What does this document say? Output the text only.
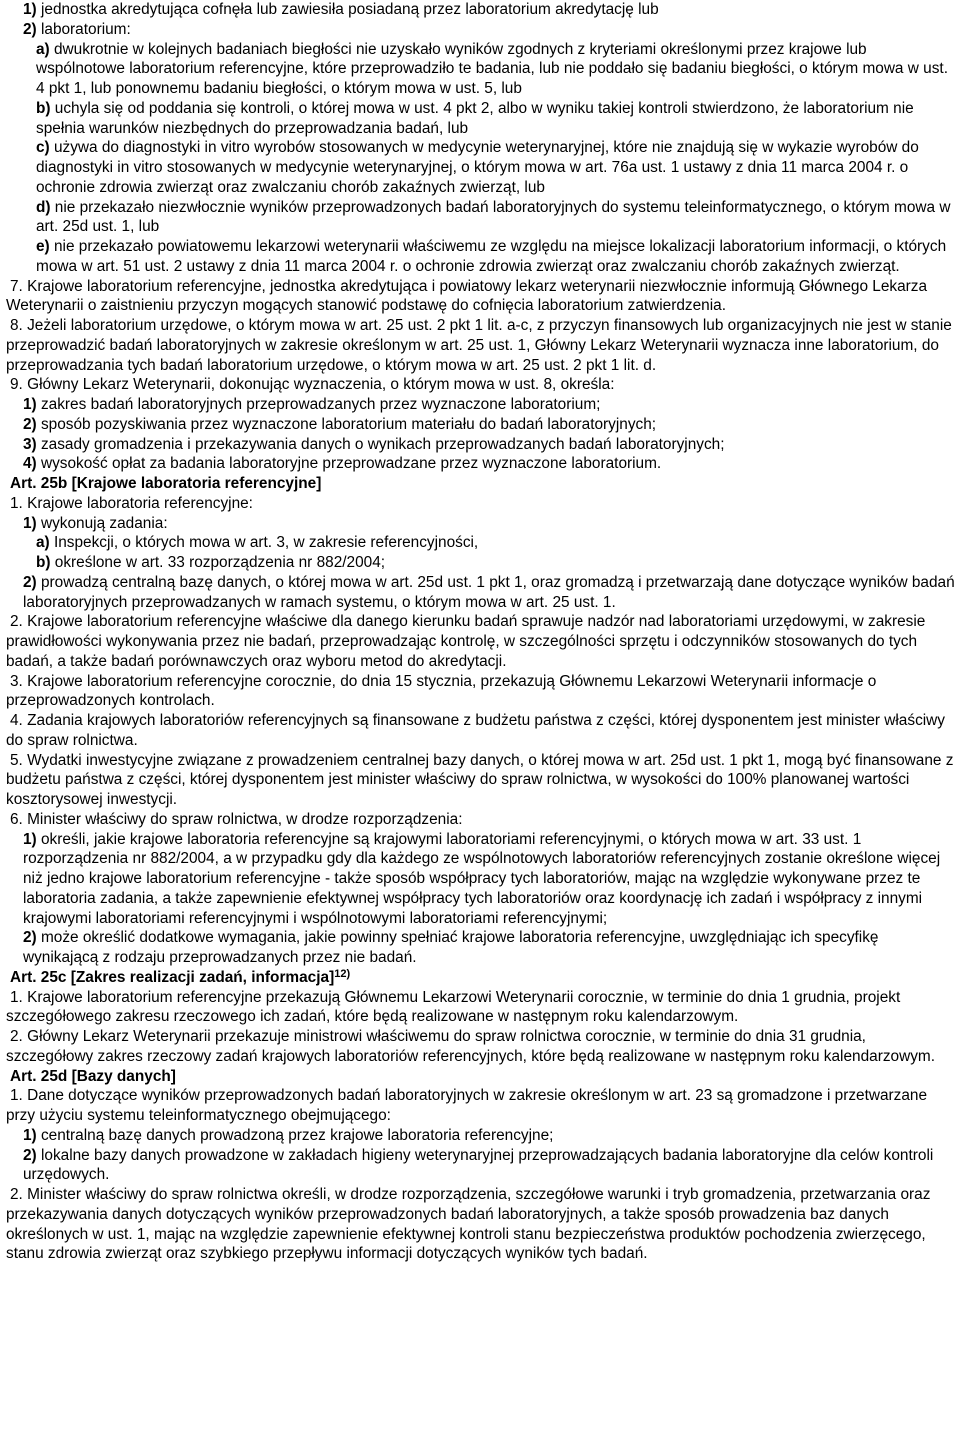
1) jednostka akredytująca cofnęła lub zawiesiła posiadaną przez laboratorium akredytację lub

2) laboratorium:

a) dwukrotnie w kolejnych badaniach biegłości nie uzyskało wyników zgodnych z kryteriami określonymi przez krajowe lub wspólnotowe laboratorium referencyjne, które przeprowadziło te badania, lub nie poddało się badaniu biegłości, o którym mowa w ust. 4 pkt 1, lub ponownemu badaniu biegłości, o którym mowa w ust. 5, lub

b) uchyla się od poddania się kontroli, o której mowa w ust. 4 pkt 2, albo w wyniku takiej kontroli stwierdzono, że laboratorium nie spełnia warunków niezbędnych do przeprowadzania badań, lub

c) używa do diagnostyki in vitro wyrobów stosowanych w medycynie weterynaryjnej, które nie znajdują się w wykazie wyrobów do diagnostyki in vitro stosowanych w medycynie weterynaryjnej, o którym mowa w art. 76a ust. 1 ustawy z dnia 11 marca 2004 r. o ochronie zdrowia zwierząt oraz zwalczaniu chorób zakaźnych zwierząt, lub

d) nie przekazało niezwłocznie wyników przeprowadzonych badań laboratoryjnych do systemu teleinformatycznego, o którym mowa w art. 25d ust. 1, lub

e) nie przekazało powiatowemu lekarzowi weterynarii właściwemu ze względu na miejsce lokalizacji laboratorium informacji, o których mowa w art. 51 ust. 2 ustawy z dnia 11 marca 2004 r. o ochronie zdrowia zwierząt oraz zwalczaniu chorób zakaźnych zwierząt.

7. Krajowe laboratorium referencyjne, jednostka akredytująca i powiatowy lekarz weterynarii niezwłocznie informują Głównego Lekarza Weterynarii o zaistnieniu przyczyn mogących stanowić podstawę do cofnięcia laboratorium zatwierdzenia.

8. Jeżeli laboratorium urzędowe, o którym mowa w art. 25 ust. 2 pkt 1 lit. a-c, z przyczyn finansowych lub organizacyjnych nie jest w stanie przeprowadzić badań laboratoryjnych w zakresie określonym w art. 25 ust. 1, Główny Lekarz Weterynarii wyznacza inne laboratorium, do przeprowadzania tych badań laboratorium urzędowe, o którym mowa w art. 25 ust. 2 pkt 1 lit. d.

9. Główny Lekarz Weterynarii, dokonując wyznaczenia, o którym mowa w ust. 8, określa:

1) zakres badań laboratoryjnych przeprowadzanych przez wyznaczone laboratorium;

2) sposób pozyskiwania przez wyznaczone laboratorium materiału do badań laboratoryjnych;

3) zasady gromadzenia i przekazywania danych o wynikach przeprowadzanych badań laboratoryjnych;

4) wysokość opłat za badania laboratoryjne przeprowadzane przez wyznaczone laboratorium.

Art. 25b [Krajowe laboratoria referencyjne]

1. Krajowe laboratoria referencyjne:

1) wykonują zadania:

a) Inspekcji, o których mowa w art. 3, w zakresie referencyjności,

b) określone w art. 33 rozporządzenia nr 882/2004;

2) prowadzą centralną bazę danych, o której mowa w art. 25d ust. 1 pkt 1, oraz gromadzą i przetwarzają dane dotyczące wyników badań laboratoryjnych przeprowadzanych w ramach systemu, o którym mowa w art. 25 ust. 1.

2. Krajowe laboratorium referencyjne właściwe dla danego kierunku badań sprawuje nadzór nad laboratoriami urzędowymi, w zakresie prawidłowości wykonywania przez nie badań, przeprowadzając kontrolę, w szczególności sprzętu i odczynników stosowanych do tych badań, a także badań porównawczych oraz wyboru metod do akredytacji.

3. Krajowe laboratorium referencyjne corocznie, do dnia 15 stycznia, przekazują Głównemu Lekarzowi Weterynarii informacje o przeprowadzonych kontrolach.

4. Zadania krajowych laboratoriów referencyjnych są finansowane z budżetu państwa z części, której dysponentem jest minister właściwy do spraw rolnictwa.

5. Wydatki inwestycyjne związane z prowadzeniem centralnej bazy danych, o której mowa w art. 25d ust. 1 pkt 1, mogą być finansowane z budżetu państwa z części, której dysponentem jest minister właściwy do spraw rolnictwa, w wysokości do 100% planowanej wartości kosztorysowej inwestycji.

6. Minister właściwy do spraw rolnictwa, w drodze rozporządzenia:

1) określi, jakie krajowe laboratoria referencyjne są krajowymi laboratoriami referencyjnymi, o których mowa w art. 33 ust. 1 rozporządzenia nr 882/2004, a w przypadku gdy dla każdego ze wspólnotowych laboratoriów referencyjnych zostanie określone więcej niż jedno krajowe laboratorium referencyjne - także sposób współpracy tych laboratoriów, mając na względzie wykonywane przez te laboratoria zadania, a także zapewnienie efektywnej współpracy tych laboratoriów oraz koordynację ich zadań i współpracy z innymi krajowymi laboratoriami referencyjnymi i wspólnotowymi laboratoriami referencyjnymi;

2) może określić dodatkowe wymagania, jakie powinny spełniać krajowe laboratoria referencyjne, uwzględniając ich specyfikę wynikającą z rodzaju przeprowadzanych przez nie badań.

Art. 25c [Zakres realizacji zadań, informacja]$^{12)}$

1. Krajowe laboratorium referencyjne przekazują Głównemu Lekarzowi Weterynarii corocznie, w terminie do dnia 1 grudnia, projekt szczegółowego zakresu rzeczowego ich zadań, które będą realizowane w następnym roku kalendarzowym.

2. Główny Lekarz Weterynarii przekazuje ministrowi właściwemu do spraw rolnictwa corocznie, w terminie do dnia 31 grudnia, szczegółowy zakres rzeczowy zadań krajowych laboratoriów referencyjnych, które będą realizowane w następnym roku kalendarzowym.

Art. 25d [Bazy danych]

1. Dane dotyczące wyników przeprowadzonych badań laboratoryjnych w zakresie określonym w art. 23 są gromadzone i przetwarzane przy użyciu systemu teleinformatycznego obejmującego:

1) centralną bazę danych prowadzoną przez krajowe laboratoria referencyjne;

2) lokalne bazy danych prowadzone w zakładach higieny weterynaryjnej przeprowadzających badania laboratoryjne dla celów kontroli urzędowych.

2. Minister właściwy do spraw rolnictwa określi, w drodze rozporządzenia, szczegółowe warunki i tryb gromadzenia, przetwarzania oraz przekazywania danych dotyczących wyników przeprowadzonych badań laboratoryjnych, a także sposób prowadzenia baz danych określonych w ust. 1, mając na względzie zapewnienie efektywnej kontroli stanu bezpieczeństwa produktów pochodzenia zwierzęcego, stanu zdrowia zwierząt oraz szybkiego przepływu informacji dotyczących wyników tych badań.
